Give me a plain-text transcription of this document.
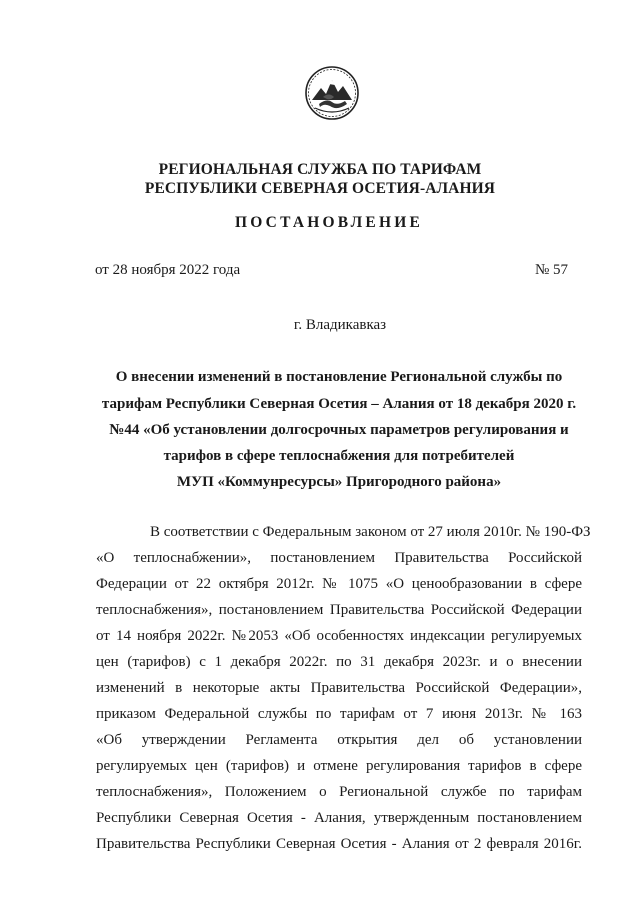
РЕГИОНАЛЬНАЯ СЛУЖБА ПО ТАРИФАМ
РЕСПУБЛИКИ СЕВЕРНАЯ ОСЕТИЯ-АЛАНИЯ
ПОСТАНОВЛЕНИЕ
от 28 ноября 2022 года	№ 57
г. Владикавказ
О внесении изменений в постановление Региональной службы по
тарифам Республики Северная Осетия – Алания от 18 декабря 2020 г.
№44 «Об установлении долгосрочных параметров регулирования и
тарифов в сфере теплоснабжения для потребителей
МУП «Коммунресурсы» Пригородного района»
В соответствии с Федеральным законом от 27 июля 2010г. № 190-ФЗ
«О теплоснабжении», постановлением Правительства Российской
Федерации от 22 октября 2012г. № 1075 «О ценообразовании в сфере
теплоснабжения», постановлением Правительства Российской Федерации
от 14 ноября 2022г. №2053 «Об особенностях индексации регулируемых
цен (тарифов) с 1 декабря 2022г. по 31 декабря 2023г. и о внесении
изменений в некоторые акты Правительства Российской Федерации»,
приказом Федеральной службы по тарифам от 7 июня 2013г. № 163
«Об утверждении Регламента открытия дел об установлении
регулируемых цен (тарифов) и отмене регулирования тарифов в сфере
теплоснабжения», Положением о Региональной службе по тарифам
Республики Северная Осетия - Алания, утвержденным постановлением
Правительства Республики Северная Осетия - Алания от 2 февраля 2016г.
